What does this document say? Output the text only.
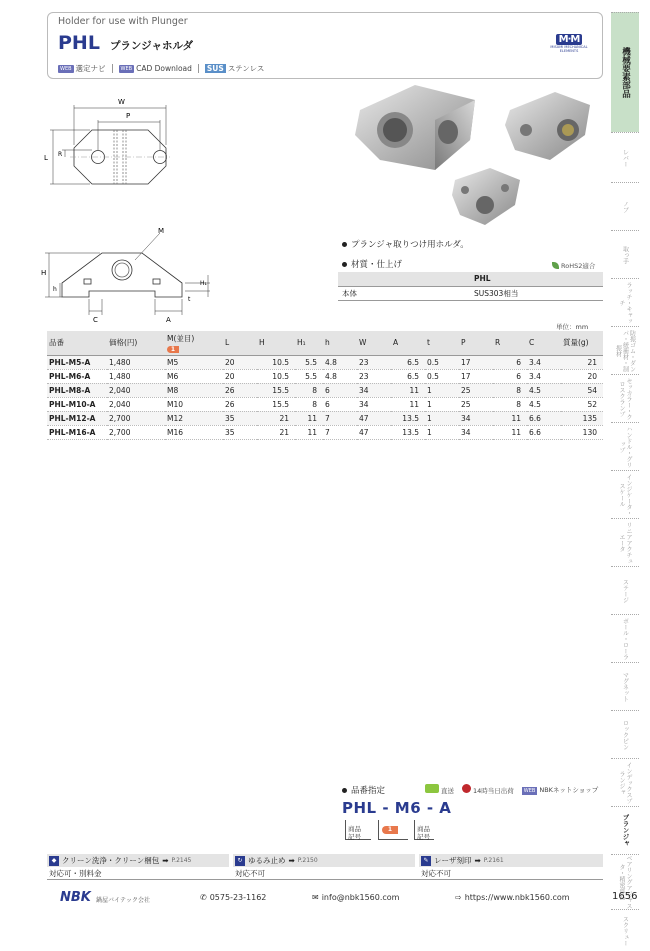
Holder for use with Plunger
PHL プランジャホルダ
M·M
MISUMI MECHANICAL ELEMENTS
WEB 選定ナビ	WEB CAD Download SUS ステンレス	機械要素部品
レバー
ノブ
取っ手
ラッチ・キャッチ
防振ゴム・ダンパ・緩衝材・制振材
セッカラー・クロスクランプ
ハンドル・グリップ
インジケータ・スケール
リニアアクチュエータ
ステージ
ボール・ローラ
マグネット
ロックピン
インデックスプランジャ
プランジャ
ベアリングアジャスタ・精密部品
スクリュー
W
P
L R
M
H
h
H₁
t
C	A
プランジャ取りつけ用ホルダ。
材質・仕上げ	RoHS2適合
	PHL
本体	SUS303相当
単位：mm
品番	価格(円)	M(並目)
1	L	H	H₁	h	W	A	t	P	R	C	質量(g)
PHL-M5-A	1,480	M5	20	10.5	5.5	4.8	23	6.5	0.5	17	6	3.4	21
PHL-M6-A	1,480	M6	20	10.5	5.5	4.8	23	6.5	0.5	17	6	3.4	20
PHL-M8-A	2,040	M8	26	15.5	8	6	34	11	1	25	8	4.5	54
PHL-M10-A	2,040	M10	26	15.5	8	6	34	11	1	25	8	4.5	52
PHL-M12-A	2,700	M12	35	21	11	7	47	13.5	1	34	11	6.6	135
PHL-M16-A	2,700	M16	35	21	11	7	47	13.5	1	34	11	6.6	130
品番指定	直送	14時当日出荷	WEB NBKネットショップ
PHL - M6 - A
商品
記号
1	商品
記号
◆ クリーン洗浄・クリーン梱包 ➡ P.2145
対応可・別料金
↻ ゆるみ止め ➡ P.2150
対応不可
✎ レーザ刻印 ➡ P.2161
対応不可
NBK 鍋屋バイテック会社	✆ 0575-23-1162	✉ info@nbk1560.com	⇨ https://www.nbk1560.com	1656
